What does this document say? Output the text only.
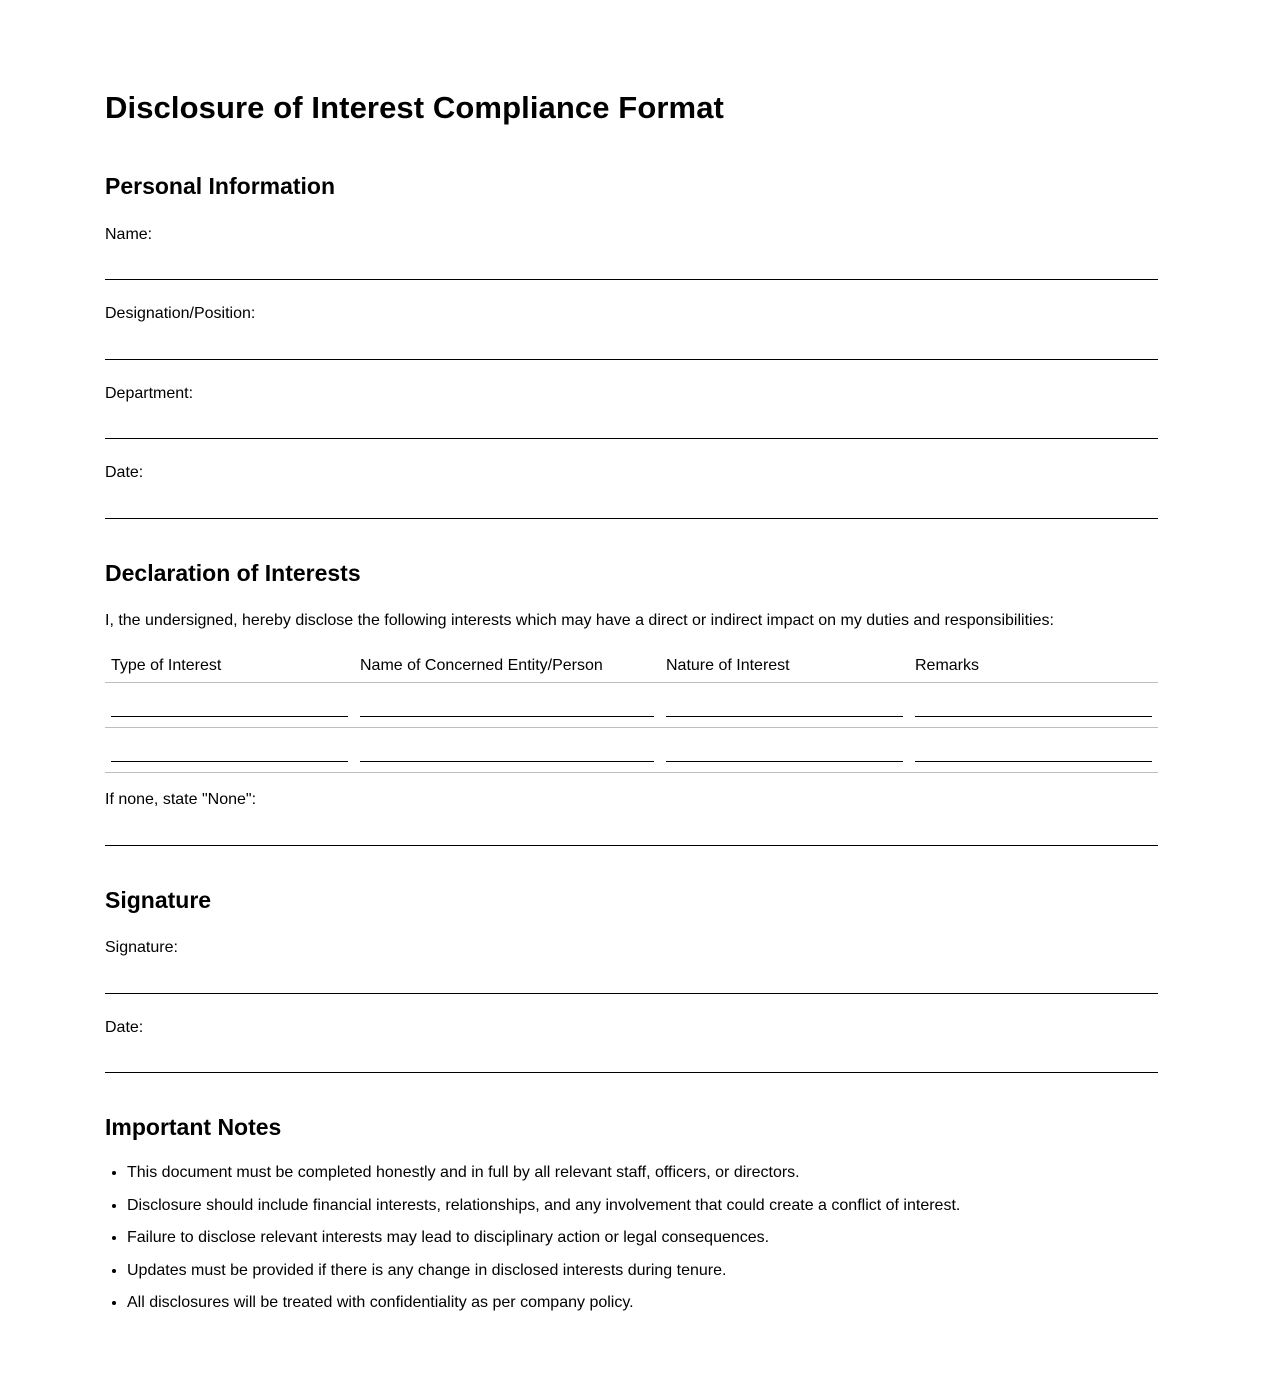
Disclosure of Interest Compliance Format
Personal Information
Name:
Designation/Position:
Department:
Date:
Declaration of Interests
I, the undersigned, hereby disclose the following interests which may have a direct or indirect impact on my duties and responsibilities:
Type of Interest	Name of Concerned Entity/Person	Nature of Interest	Remarks

If none, state "None":
Signature
Signature:
Date:
Important Notes
• This document must be completed honestly and in full by all relevant staff, officers, or directors.
• Disclosure should include financial interests, relationships, and any involvement that could create a conflict of interest.
• Failure to disclose relevant interests may lead to disciplinary action or legal consequences.
• Updates must be provided if there is any change in disclosed interests during tenure.
• All disclosures will be treated with confidentiality as per company policy.
